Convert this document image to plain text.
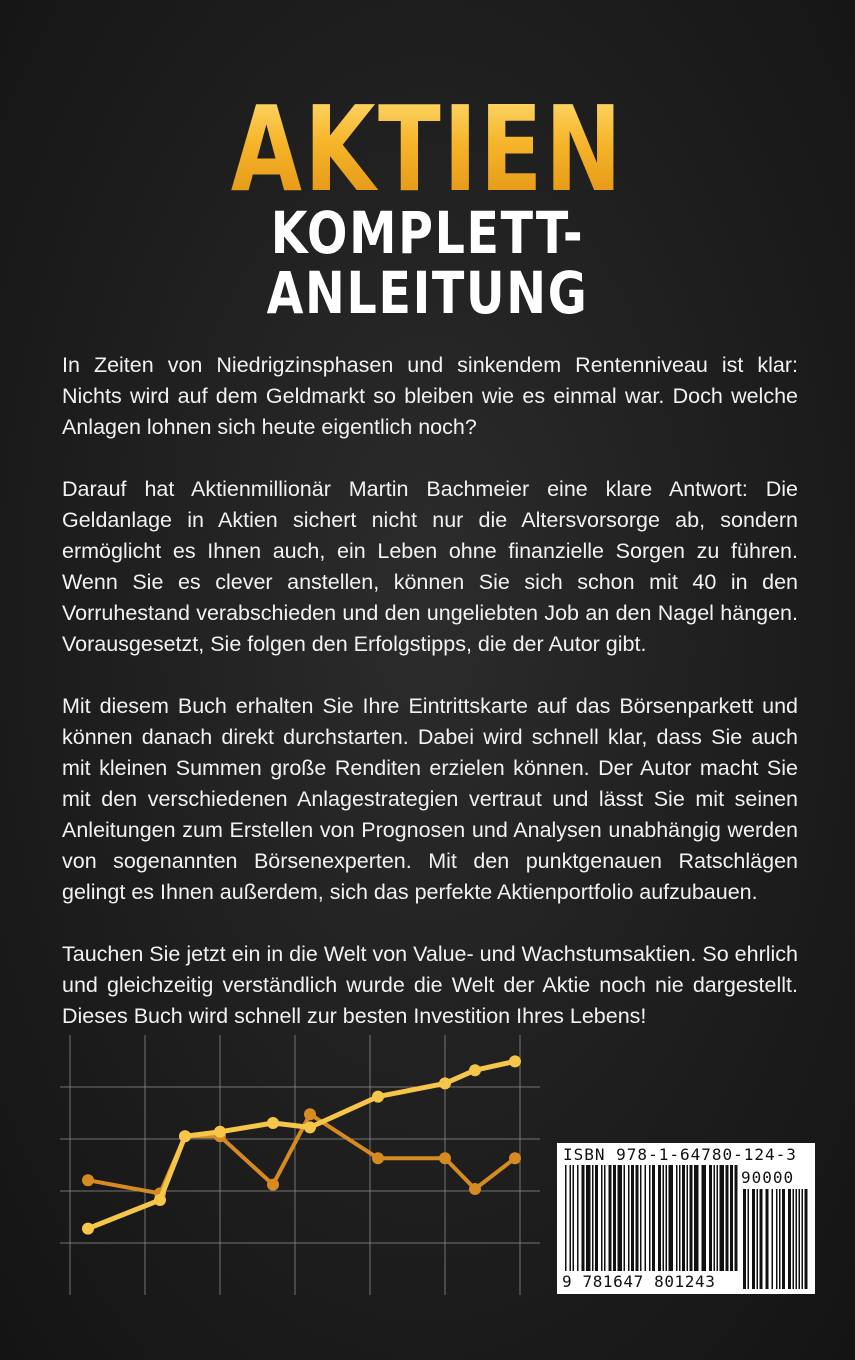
AKTIEN
KOMPLETT-
ANLEITUNG

In Zeiten von Niedrigzinsphasen und sinkendem Rentenniveau ist klar: Nichts wird auf dem Geldmarkt so bleiben wie es einmal war. Doch welche Anlagen lohnen sich heute eigentlich noch?

Darauf hat Aktienmillionär Martin Bachmeier eine klare Antwort: Die Geldanlage in Aktien sichert nicht nur die Altersvorsorge ab, sondern ermöglicht es Ihnen auch, ein Leben ohne finanzielle Sorgen zu führen. Wenn Sie es clever anstellen, können Sie sich schon mit 40 in den Vorruhestand verabschieden und den ungeliebten Job an den Nagel hängen. Vorausgesetzt, Sie folgen den Erfolgstipps, die der Autor gibt.

Mit diesem Buch erhalten Sie Ihre Eintrittskarte auf das Börsenparkett und können danach direkt durchstarten. Dabei wird schnell klar, dass Sie auch mit kleinen Summen große Renditen erzielen können. Der Autor macht Sie mit den verschiedenen Anlagestrategien vertraut und lässt Sie mit seinen Anleitungen zum Erstellen von Prognosen und Analysen unabhängig werden von sogenannten Börsenexperten. Mit den punktgenauen Ratschlägen gelingt es Ihnen außerdem, sich das perfekte Aktienportfolio aufzubauen.

Tauchen Sie jetzt ein in die Welt von Value- und Wachstumsaktien. So ehrlich und gleichzeitig verständlich wurde die Welt der Aktie noch nie dargestellt. Dieses Buch wird schnell zur besten Investition Ihres Lebens!

ISBN 978-1-64780-124-3
90000
9 781647 801243
